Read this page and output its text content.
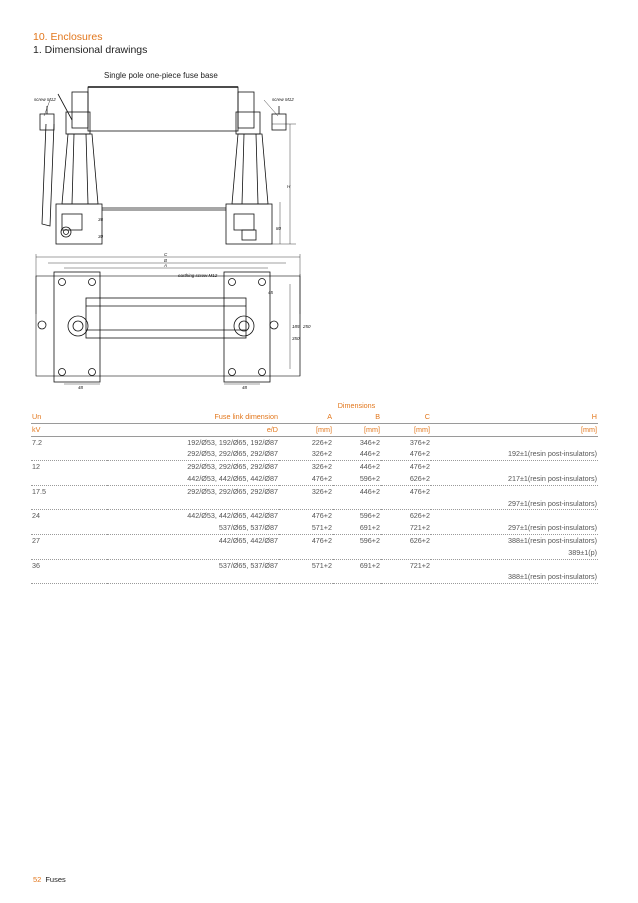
10. Enclosures
1. Dimensional drawings
Single pole one-piece fuse base
screw M12	screw M12
H
80
36
30
C
B
A
earthing screw M12
45
185 250
350
48	48
			Dimensions		
Un	Fuse link dimension	A	B	C	H
kV	e/D	[mm]	[mm]	[mm]	[mm]
7.2	192/Ø53, 192/Ø65, 192/Ø87	226+2	346+2	376+2	
	292/Ø53, 292/Ø65, 292/Ø87	326+2	446+2	476+2	192±1(resin post-insulators)
12	292/Ø53, 292/Ø65, 292/Ø87	326+2	446+2	476+2	
	442/Ø53, 442/Ø65, 442/Ø87	476+2	596+2	626+2	217±1(resin post-insulators)
17.5	292/Ø53, 292/Ø65, 292/Ø87	326+2	446+2	476+2	
					297±1(resin post-insulators)
24	442/Ø53, 442/Ø65, 442/Ø87	476+2	596+2	626+2	
	537/Ø65, 537/Ø87	571+2	691+2	721+2	297±1(resin post-insulators)
27	442/Ø65, 442/Ø87	476+2	596+2	626+2	388±1(resin post-insulators)
					389±1(p)
36	537/Ø65, 537/Ø87	571+2	691+2	721+2	
					388±1(resin post-insulators)
52 Fuses
